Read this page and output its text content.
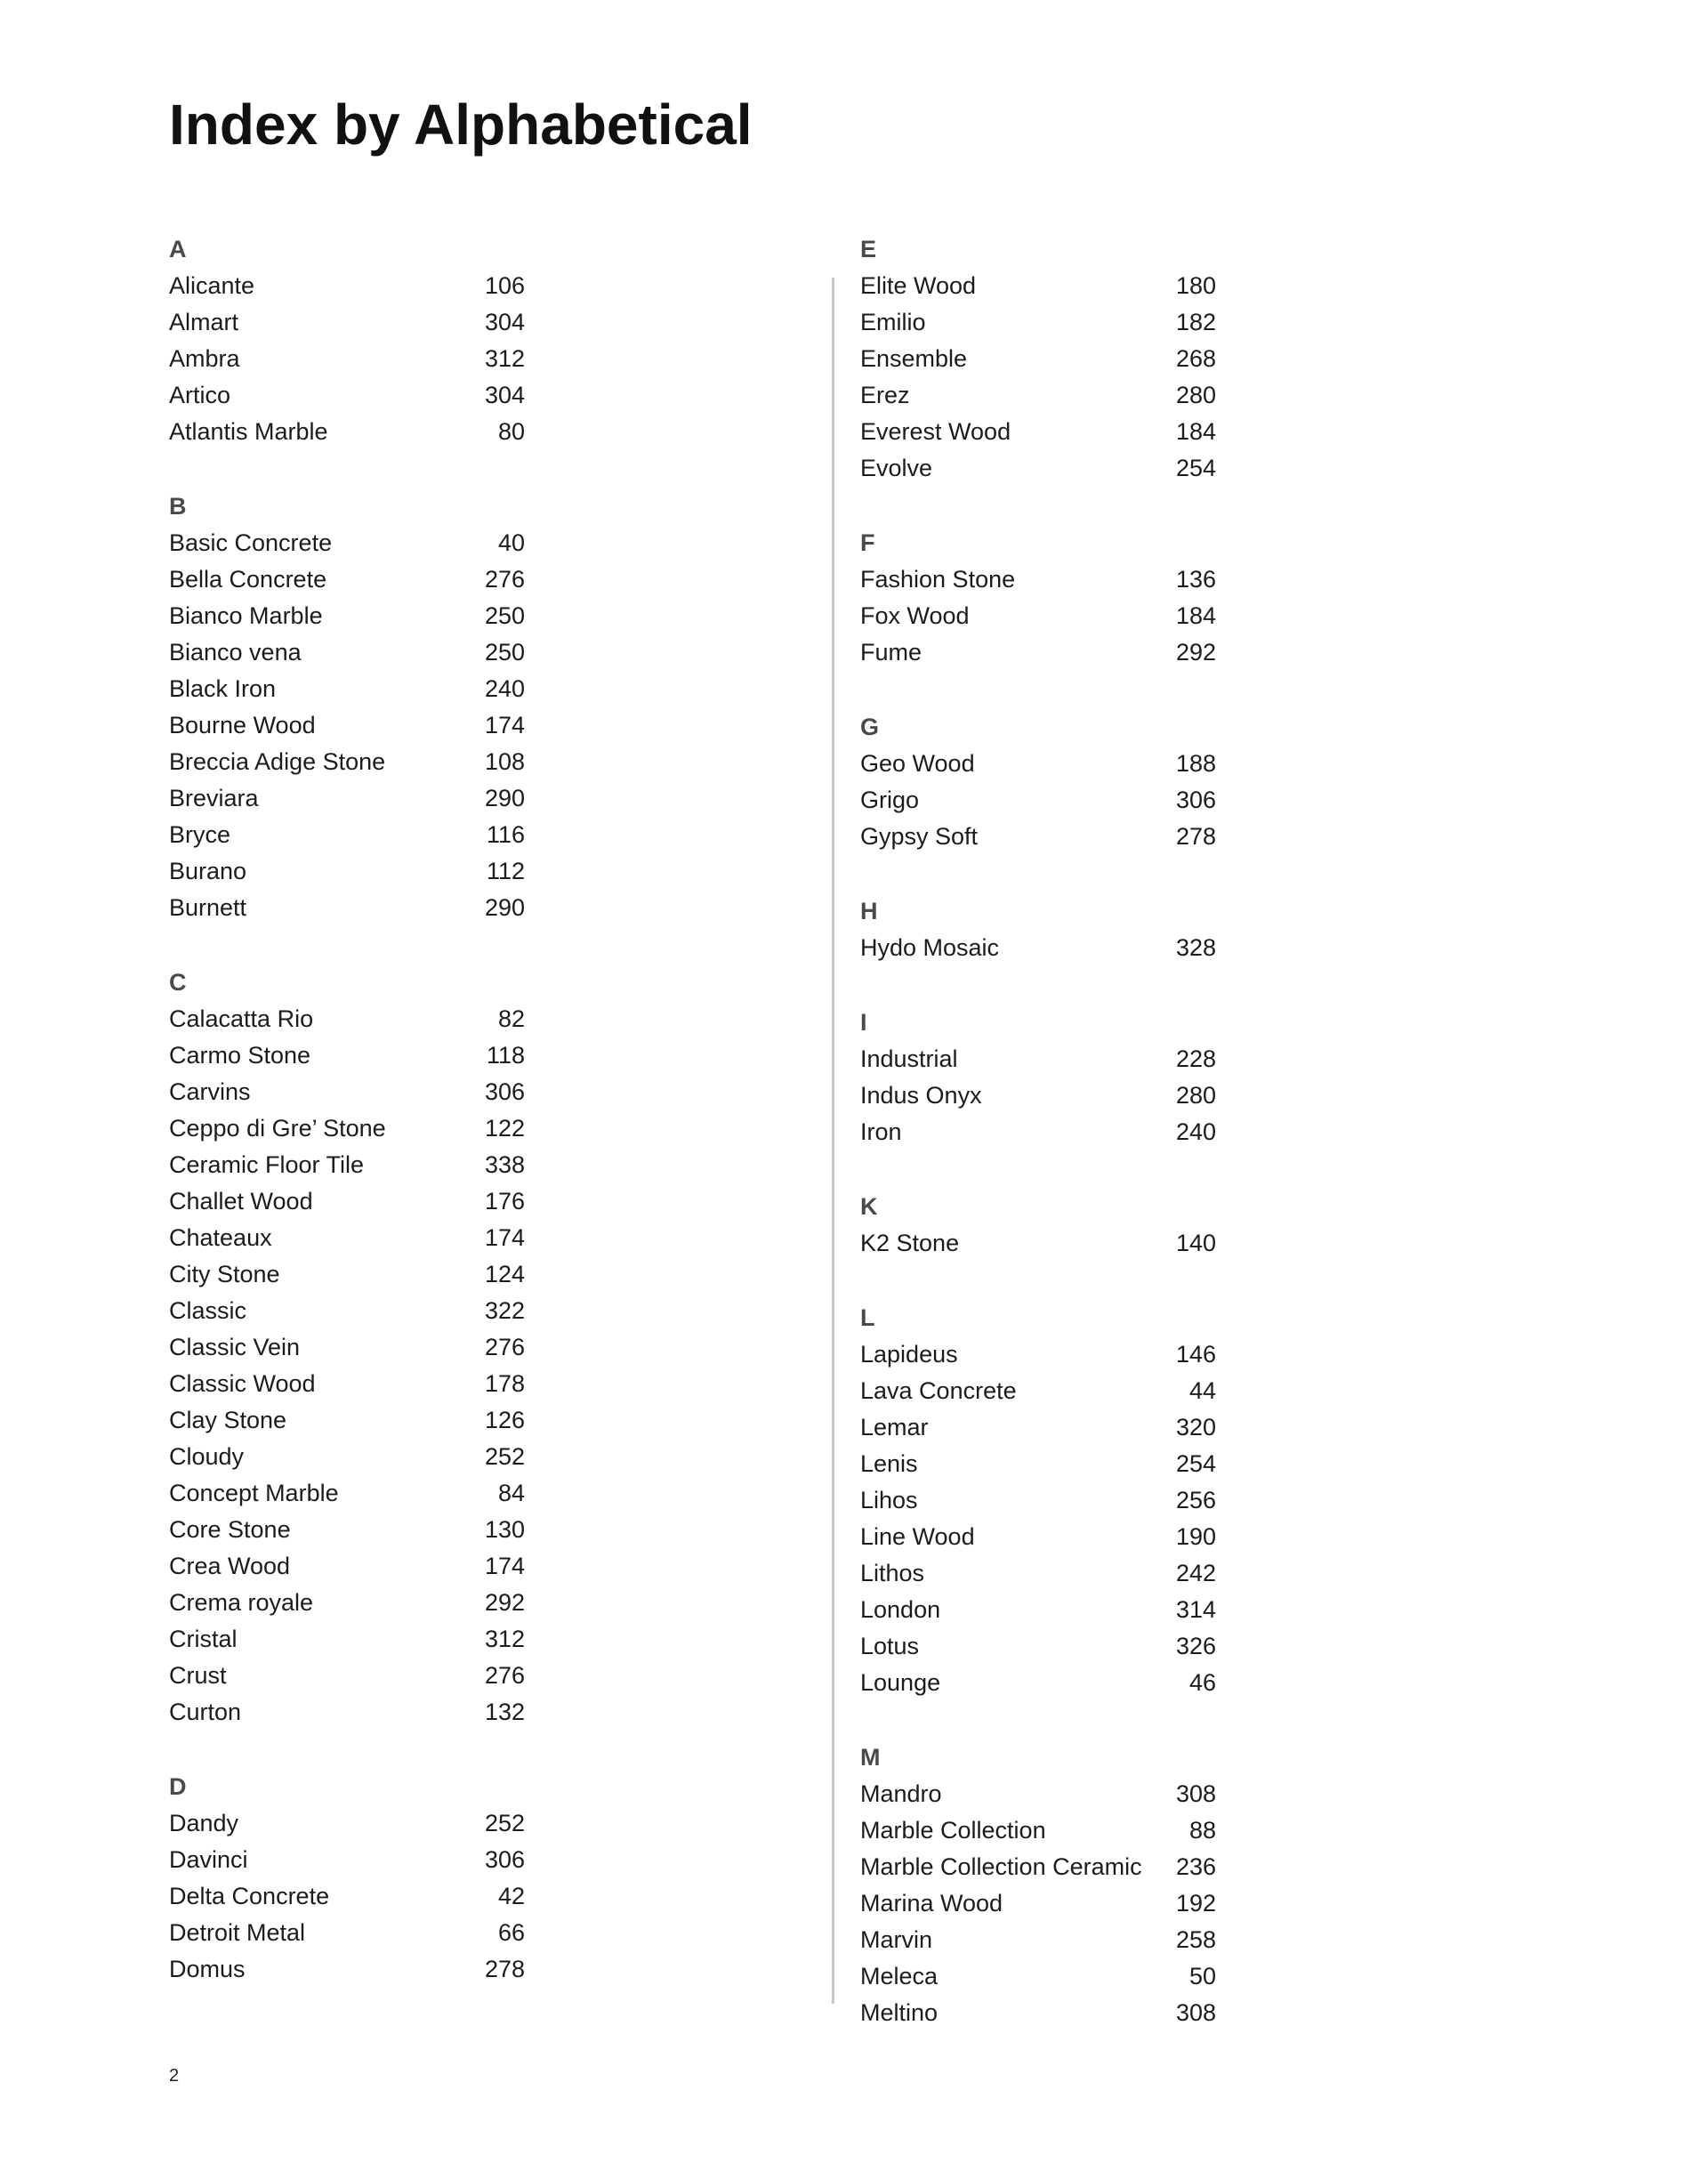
Index by Alphabetical
A
Alicante	106
Almart	304
Ambra	312
Artico	304
Atlantis Marble	80
B
Basic Concrete	40
Bella Concrete	276
Bianco Marble	250
Bianco vena	250
Black Iron	240
Bourne Wood	174
Breccia Adige Stone	108
Breviara	290
Bryce	116
Burano	112
Burnett	290
C
Calacatta Rio	82
Carmo Stone	118
Carvins	306
Ceppo di Gre’ Stone	122
Ceramic Floor Tile	338
Challet Wood	176
Chateaux	174
City Stone	124
Classic	322
Classic Vein	276
Classic Wood	178
Clay Stone	126
Cloudy	252
Concept Marble	84
Core Stone	130
Crea Wood	174
Crema royale	292
Cristal	312
Crust	276
Curton	132
D
Dandy	252
Davinci	306
Delta Concrete	42
Detroit Metal	66
Domus	278
E
Elite Wood	180
Emilio	182
Ensemble	268
Erez	280
Everest Wood	184
Evolve	254
F
Fashion Stone	136
Fox Wood	184
Fume	292
G
Geo Wood	188
Grigo	306
Gypsy Soft	278
H
Hydo Mosaic	328
I
Industrial	228
Indus Onyx	280
Iron	240
K
K2 Stone	140
L
Lapideus	146
Lava Concrete	44
Lemar	320
Lenis	254
Lihos	256
Line Wood	190
Lithos	242
London	314
Lotus	326
Lounge	46
M
Mandro	308
Marble Collection	88
Marble Collection Ceramic 236
Marina Wood	192
Marvin	258
Meleca	50
Meltino	308
2
